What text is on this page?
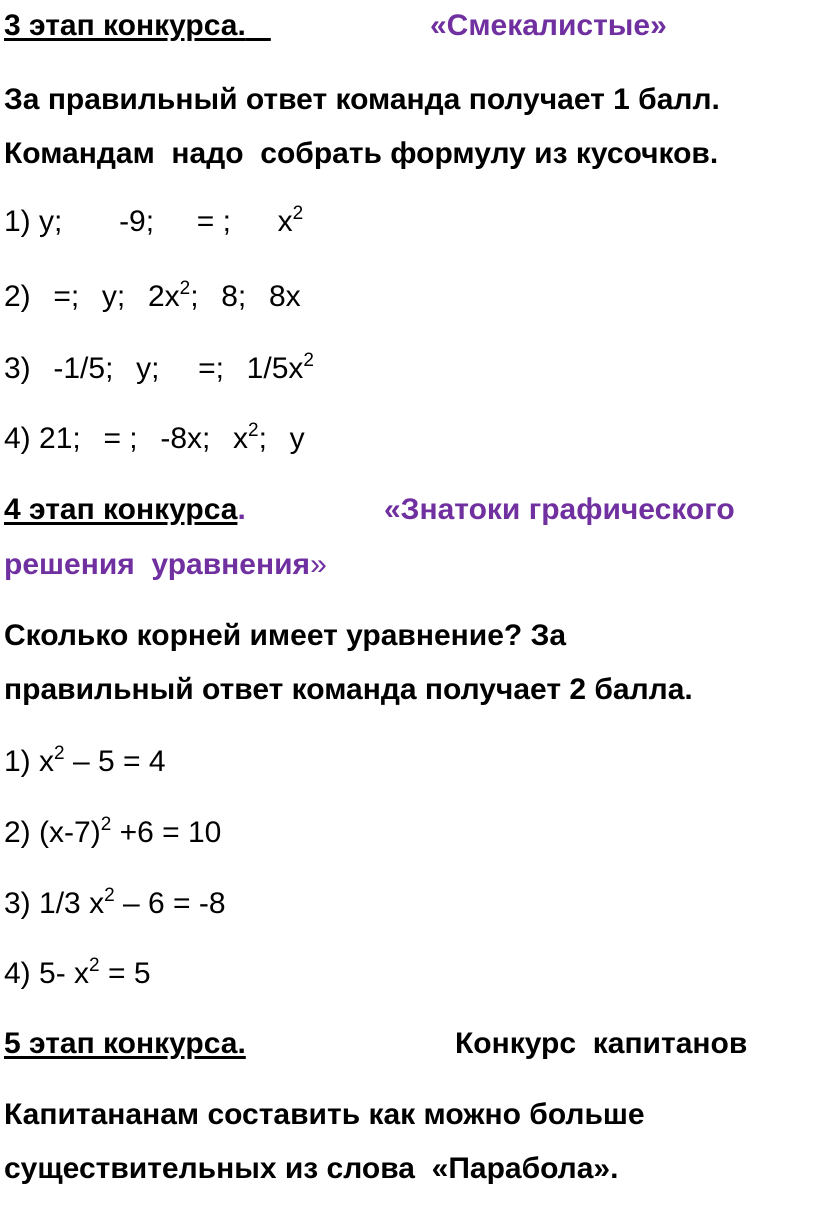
3 этап конкурса.	«Смекалистые»
За правильный ответ команда получает 1 балл.
Командам  надо  собрать формулу из кусочков.
1) у; -9; = ; $х^2$
2) =; у; $2х^2$; 8; 8х
3) -1/5; у; =; $1/5х^2$
4) 21; = ; -8х; $х^2$; у
4 этап конкурса.	«Знатоки графического
решения  уравнения»
Сколько корней имеет уравнение? За
правильный ответ команда получает 2 балла.
1) $х^2 - 5 = 4$
2) $(х-7)^2 +6 = 10$
3) 1/3 $х^2 - 6 = -8$
4) 5- $х^2 = 5$
5 этап конкурса.	Конкурс  капитанов
Капитананам составить как можно больше
существительных из слова  «Парабола».
